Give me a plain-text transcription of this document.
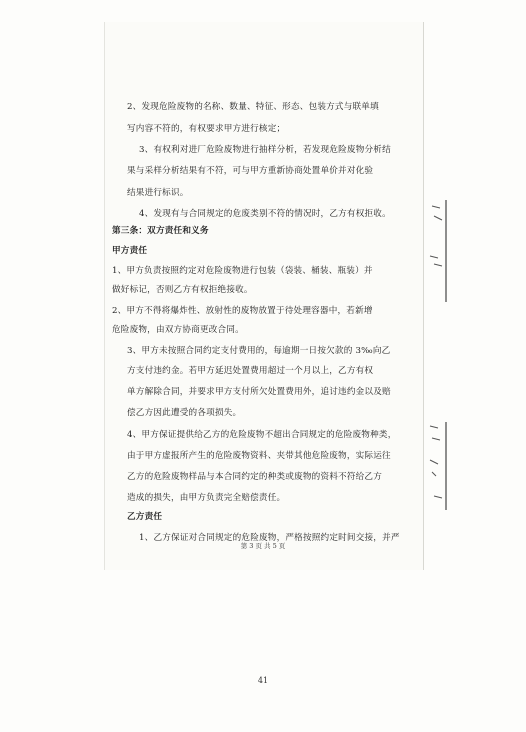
2、发现危险废物的名称、数量、特征、形态、包装方式与联单填
写内容不符的，有权要求甲方进行核定；
3、有权利对进厂危险废物进行抽样分析，若发现危险废物分析结
果与采样分析结果有不符，可与甲方重新协商处置单价并对化验
结果进行标识。
4、发现有与合同规定的危废类别不符的情况时，乙方有权拒收。
第三条：双方责任和义务
甲方责任
1、甲方负责按照约定对危险废物进行包装（袋装、桶装、瓶装）并
做好标记，否则乙方有权拒绝接收。
2、甲方不得将爆炸性、放射性的废物放置于待处理容器中，若新增
危险废物，由双方协商更改合同。
3、甲方未按照合同约定支付费用的，每逾期一日按欠款的 3‰向乙
方支付违约金。若甲方延迟处置费用超过一个月以上，乙方有权
单方解除合同，并要求甲方支付所欠处置费用外，追讨违约金以及赔
偿乙方因此遭受的各项损失。
4、甲方保证提供给乙方的危险废物不超出合同规定的危险废物种类，
由于甲方虚报所产生的危险废物资料、夹带其他危险废物，实际运往
乙方的危险废物样品与本合同约定的种类或废物的资料不符给乙方
造成的损失，由甲方负责完全赔偿责任。
乙方责任
1、乙方保证对合同规定的危险废物，严格按照约定时间交接，并严
第 3 页 共 5 页
41
